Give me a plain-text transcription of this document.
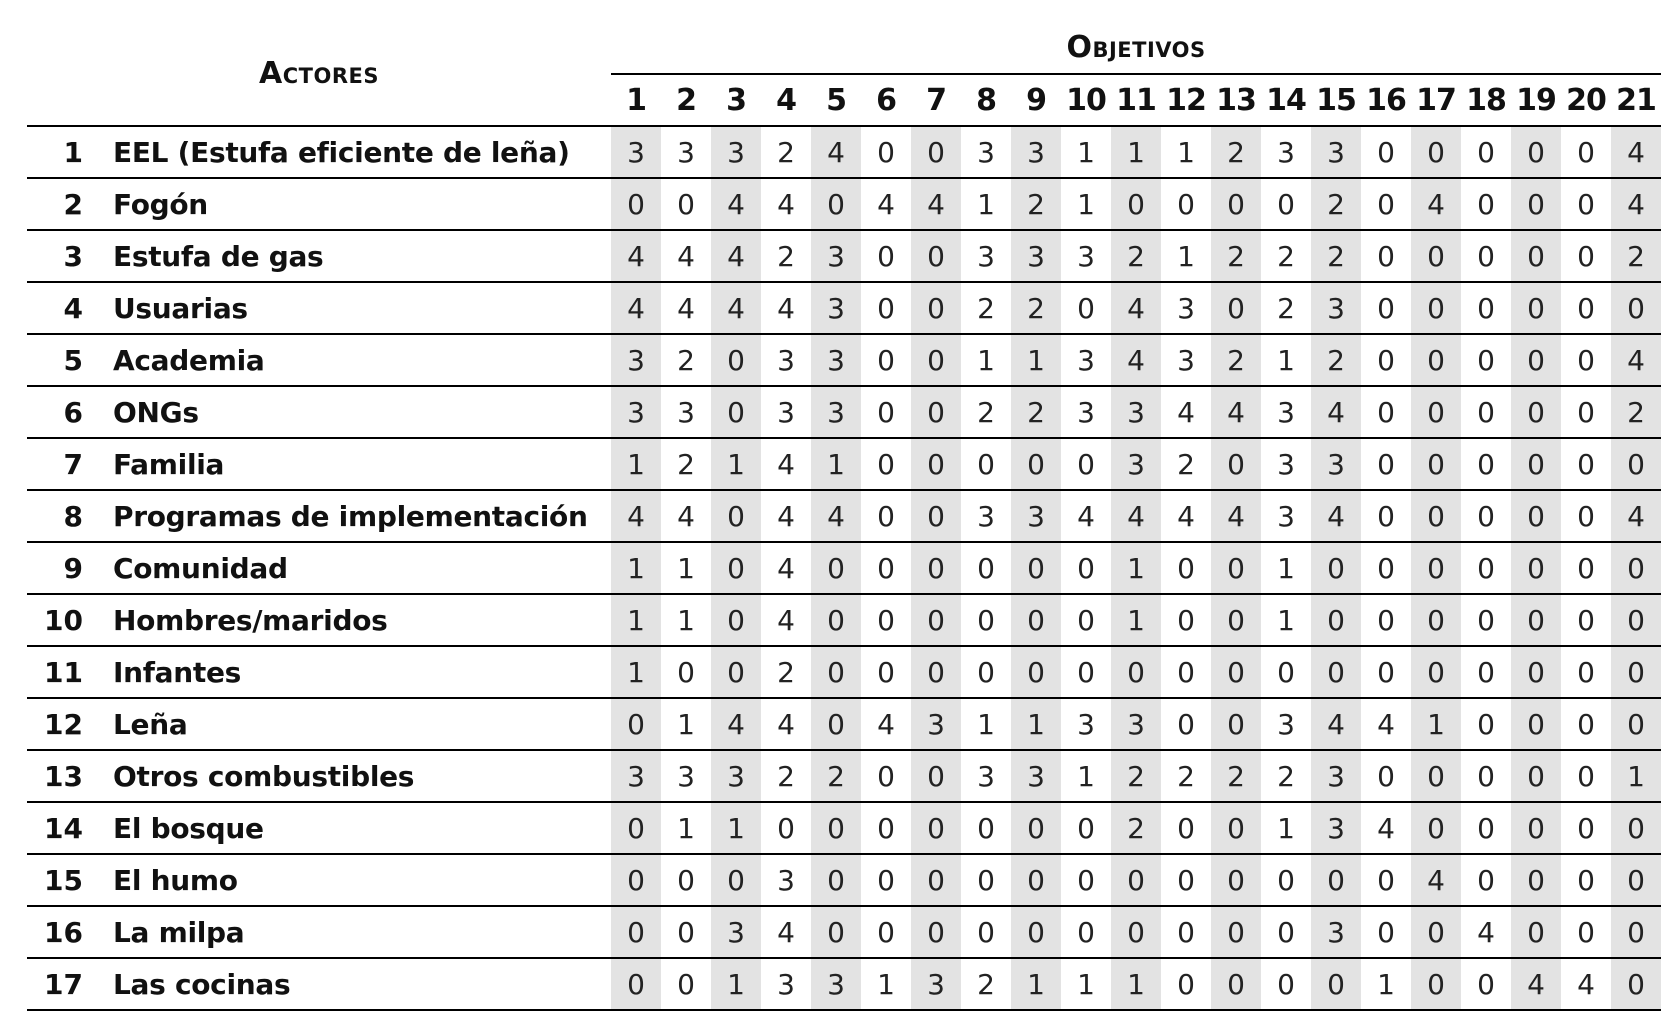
Actores		Objetivos																				
		1	2	3	4	5	6	7	8	9	10	11	12	13	14	15	16	17	18	19	20	21
1	EEL (Estufa eficiente de leña)	3	3	3	2	4	0	0	3	3	1	1	1	2	3	3	0	0	0	0	0	4
2	Fogón	0	0	4	4	0	4	4	1	2	1	0	0	0	0	2	0	4	0	0	0	4
3	Estufa de gas	4	4	4	2	3	0	0	3	3	3	2	1	2	2	2	0	0	0	0	0	2
4	Usuarias	4	4	4	4	3	0	0	2	2	0	4	3	0	2	3	0	0	0	0	0	0
5	Academia	3	2	0	3	3	0	0	1	1	3	4	3	2	1	2	0	0	0	0	0	4
6	ONGs	3	3	0	3	3	0	0	2	2	3	3	4	4	3	4	0	0	0	0	0	2
7	Familia	1	2	1	4	1	0	0	0	0	0	3	2	0	3	3	0	0	0	0	0	0
8	Programas de implementación	4	4	0	4	4	0	0	3	3	4	4	4	4	3	4	0	0	0	0	0	4
9	Comunidad	1	1	0	4	0	0	0	0	0	0	1	0	0	1	0	0	0	0	0	0	0
10	Hombres/maridos	1	1	0	4	0	0	0	0	0	0	1	0	0	1	0	0	0	0	0	0	0
11	Infantes	1	0	0	2	0	0	0	0	0	0	0	0	0	0	0	0	0	0	0	0	0
12	Leña	0	1	4	4	0	4	3	1	1	3	3	0	0	3	4	4	1	0	0	0	0
13	Otros combustibles	3	3	3	2	2	0	0	3	3	1	2	2	2	2	3	0	0	0	0	0	1
14	El bosque	0	1	1	0	0	0	0	0	0	0	2	0	0	1	3	4	0	0	0	0	0
15	El humo	0	0	0	3	0	0	0	0	0	0	0	0	0	0	0	0	4	0	0	0	0
16	La milpa	0	0	3	4	0	0	0	0	0	0	0	0	0	0	3	0	0	4	0	0	0
17	Las cocinas	0	0	1	3	3	1	3	2	1	1	1	0	0	0	0	1	0	0	4	4	0
